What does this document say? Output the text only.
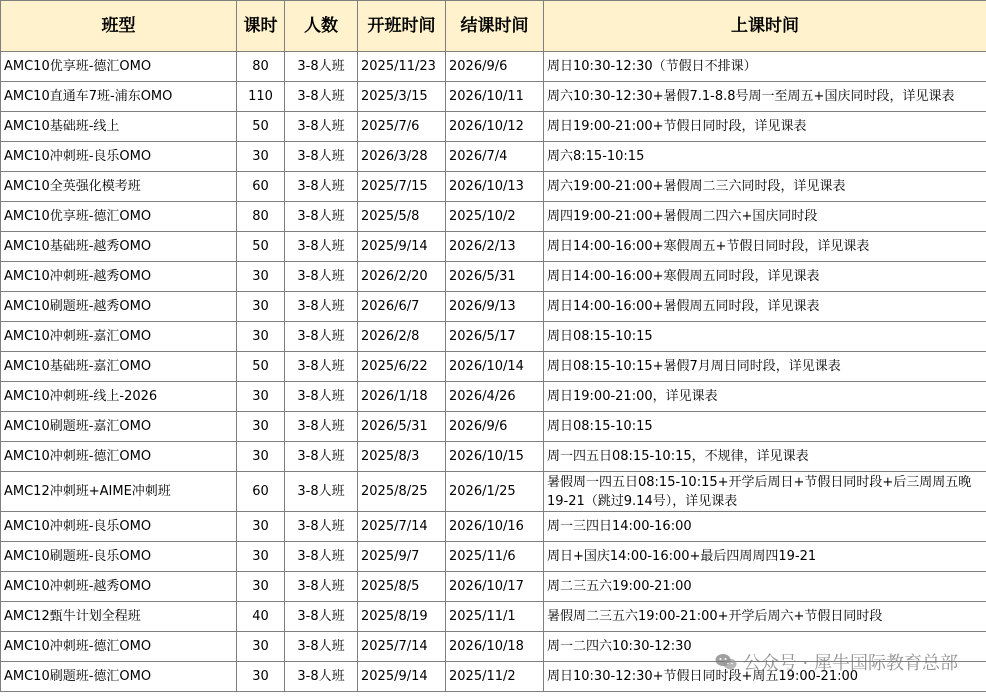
班型	课时	人数	开班时间	结课时间	上课时间
AMC10优享班-德汇OMO	80	3-8人班	2025/11/23	2026/9/6	周日10:30-12:30（节假日不排课）
AMC10直通车7班-浦东OMO	110	3-8人班	2025/3/15	2026/10/11	周六10:30-12:30+暑假7.1-8.8号周一至周五+国庆同时段，详见课表
AMC10基础班-线上	50	3-8人班	2025/7/6	2026/10/12	周日19:00-21:00+节假日同时段，详见课表
AMC10冲刺班-良乐OMO	30	3-8人班	2026/3/28	2026/7/4	周六8:15-10:15
AMC10全英强化模考班	60	3-8人班	2025/7/15	2026/10/13	周六19:00-21:00+暑假周二三六同时段，详见课表
AMC10优享班-德汇OMO	80	3-8人班	2025/5/8	2025/10/2	周四19:00-21:00+暑假周二四六+国庆同时段
AMC10基础班-越秀OMO	50	3-8人班	2025/9/14	2026/2/13	周日14:00-16:00+寒假周五+节假日同时段，详见课表
AMC10冲刺班-越秀OMO	30	3-8人班	2026/2/20	2026/5/31	周日14:00-16:00+寒假周五同时段，详见课表
AMC10刷题班-越秀OMO	30	3-8人班	2026/6/7	2026/9/13	周日14:00-16:00+暑假周五同时段，详见课表
AMC10冲刺班-嘉汇OMO	30	3-8人班	2026/2/8	2026/5/17	周日08:15-10:15
AMC10基础班-嘉汇OMO	50	3-8人班	2025/6/22	2026/10/14	周日08:15-10:15+暑假7月周日同时段，详见课表
AMC10冲刺班-线上-2026	30	3-8人班	2026/1/18	2026/4/26	周日19:00-21:00，详见课表
AMC10刷题班-嘉汇OMO	30	3-8人班	2026/5/31	2026/9/6	周日08:15-10:15
AMC10冲刺班-德汇OMO	30	3-8人班	2025/8/3	2026/10/15	周一四五日08:15-10:15，不规律，详见课表
AMC12冲刺班+AIME冲刺班	60	3-8人班	2025/8/25	2026/1/25	暑假周一四五日08:15-10:15+开学后周日+节假日同时段+后三周周五晚19-21（跳过9.14号），详见课表
AMC10冲刺班-良乐OMO	30	3-8人班	2025/7/14	2026/10/16	周一三四日14:00-16:00
AMC10刷题班-良乐OMO	30	3-8人班	2025/9/7	2025/11/6	周日+国庆14:00-16:00+最后四周周四19-21
AMC10冲刺班-越秀OMO	30	3-8人班	2025/8/5	2026/10/17	周二三五六19:00-21:00
AMC12甄牛计划全程班	40	3-8人班	2025/8/19	2025/11/1	暑假周二三五六19:00-21:00+开学后周六+节假日同时段
AMC10冲刺班-德汇OMO	30	3-8人班	2025/7/14	2026/10/18	周一二四六10:30-12:30
AMC10刷题班-德汇OMO	30	3-8人班	2025/9/14	2025/11/2	周日10:30-12:30+节假日同时段+周五19:00-21:00
公众号 · 犀牛国际教育总部
